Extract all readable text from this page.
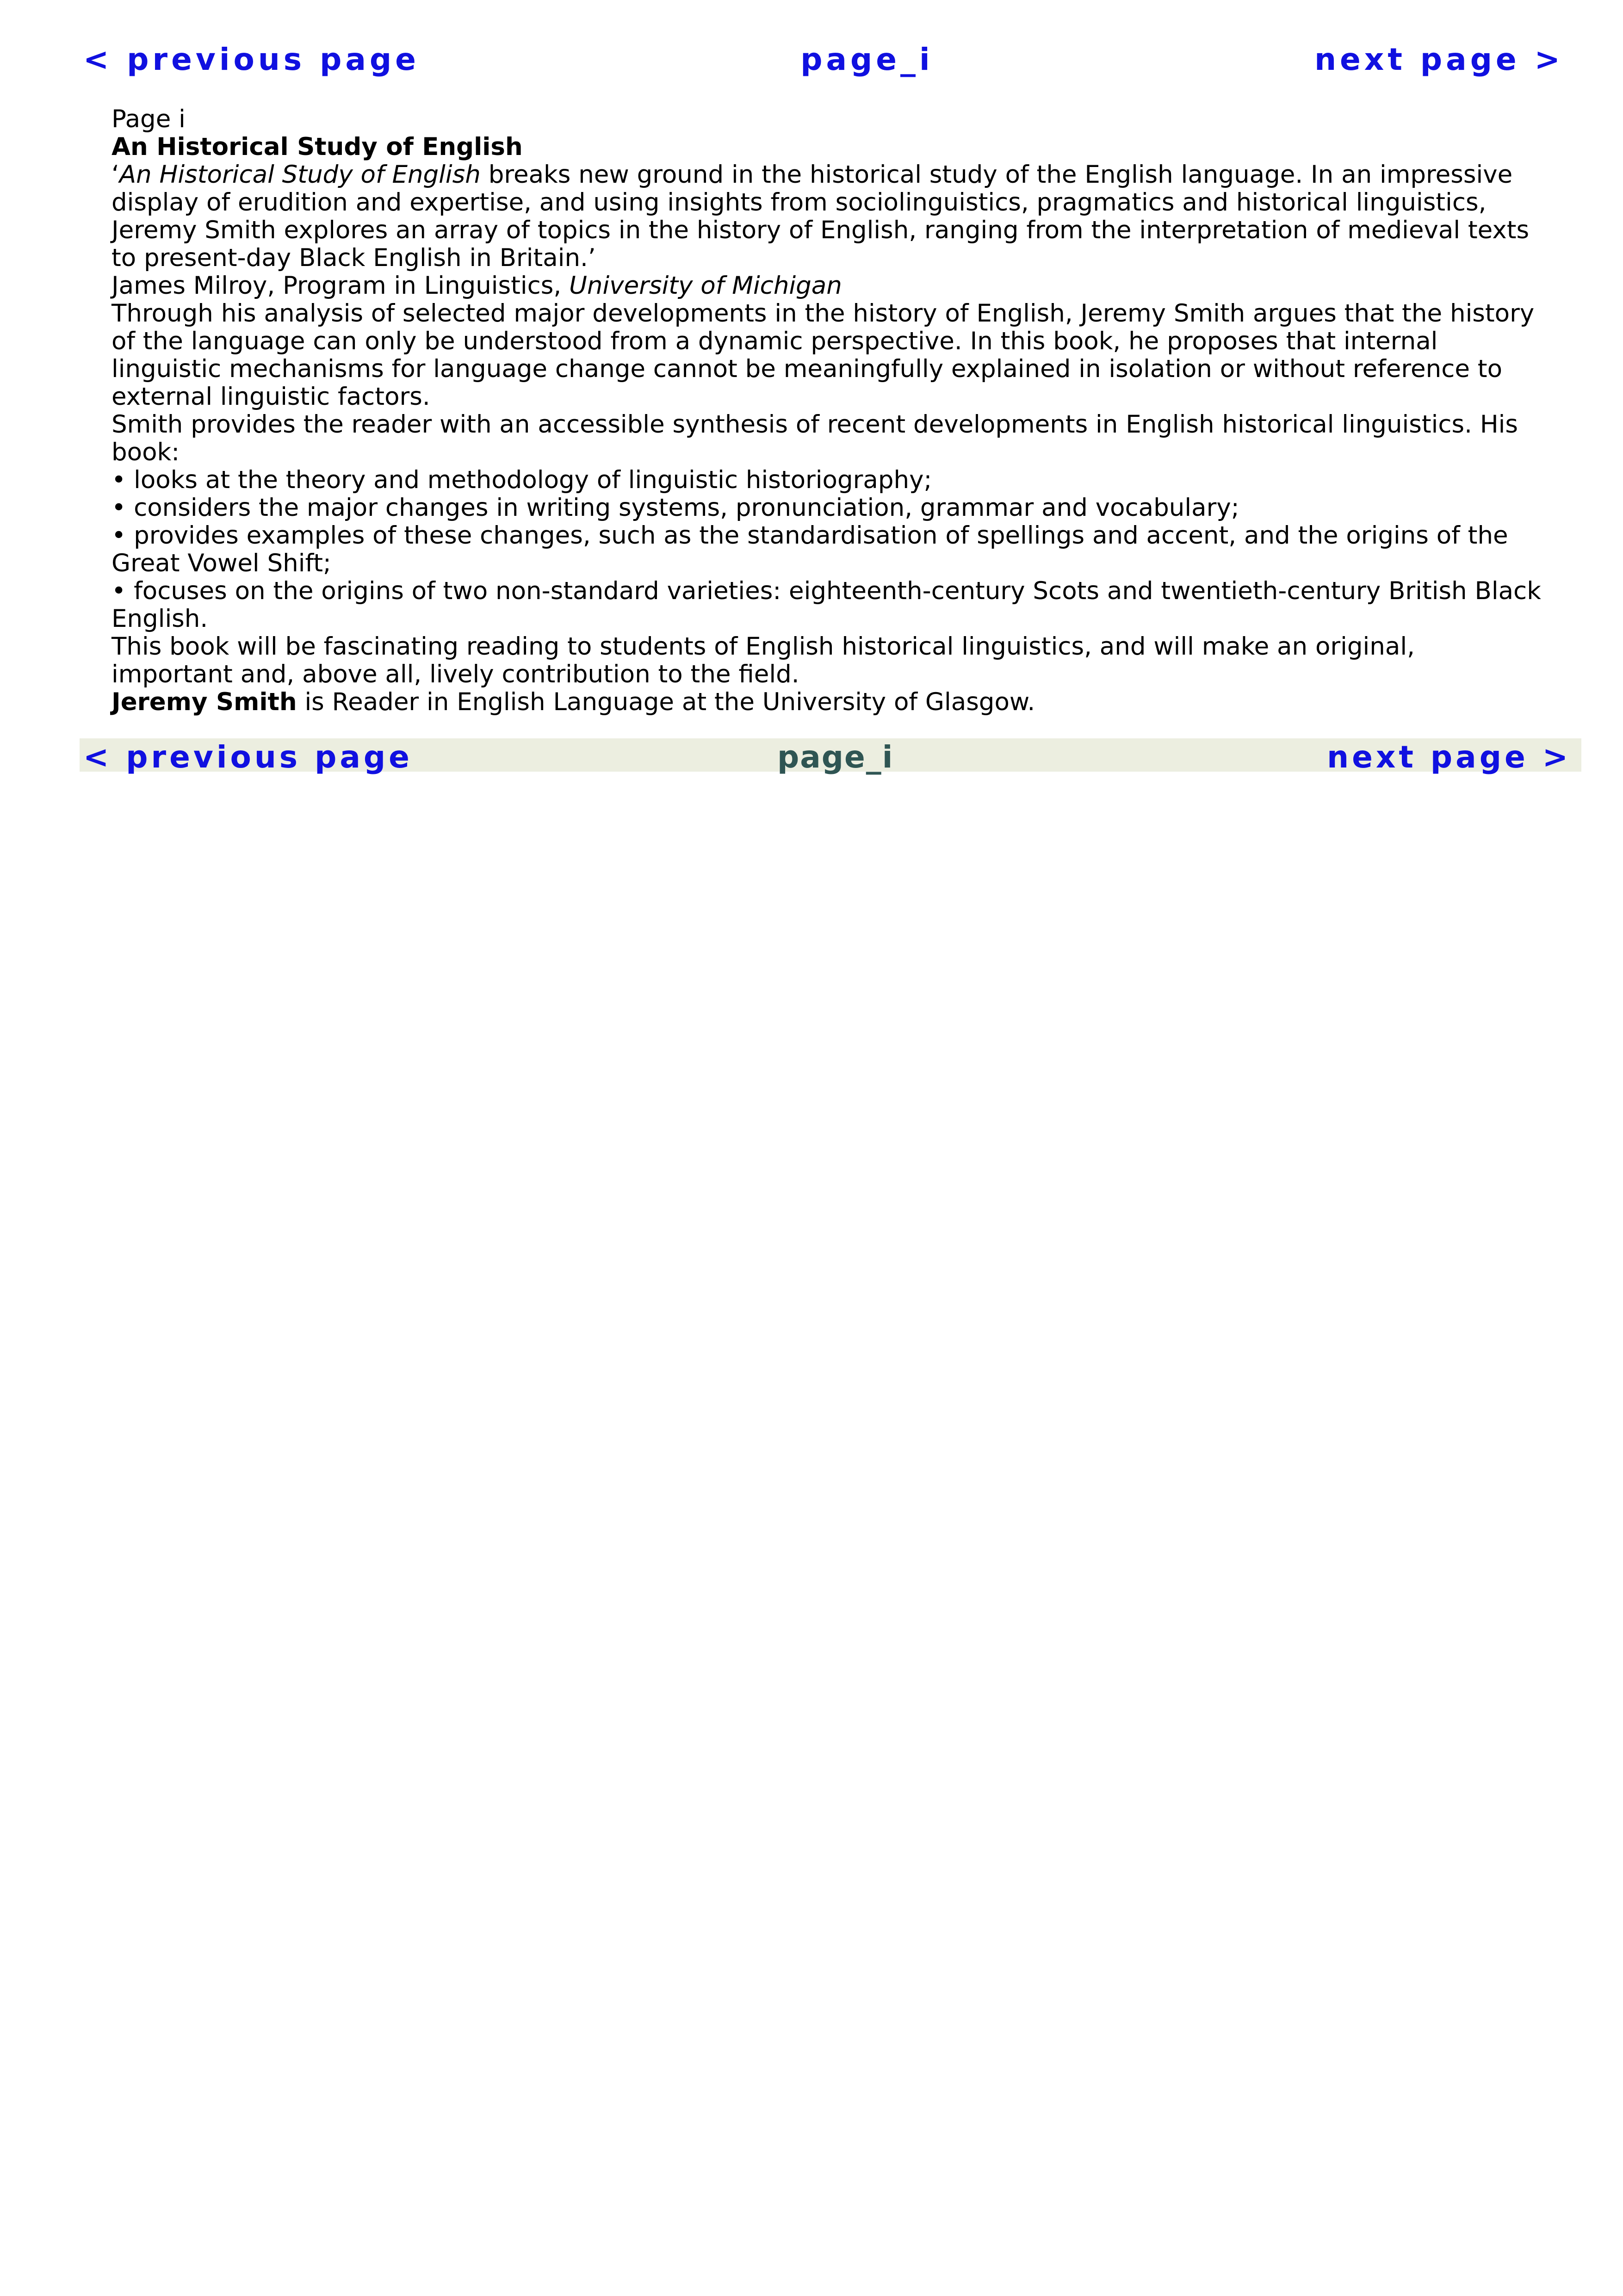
< previous page	page_i	next page >
Page i
An Historical Study of English

‘An Historical Study of English breaks new ground in the historical study of the English language. In an impressive display of erudition and expertise, and using insights from sociolinguistics, pragmatics and historical linguistics, Jeremy Smith explores an array of topics in the history of English, ranging from the interpretation of medieval texts to present-day Black English in Britain.’

James Milroy, Program in Linguistics, University of Michigan

Through his analysis of selected major developments in the history of English, Jeremy Smith argues that the history of the language can only be understood from a dynamic perspective. In this book, he proposes that internal linguistic mechanisms for language change cannot be meaningfully explained in isolation or without reference to external linguistic factors.

Smith provides the reader with an accessible synthesis of recent developments in English historical linguistics. His book:

• looks at the theory and methodology of linguistic historiography;
• considers the major changes in writing systems, pronunciation, grammar and vocabulary;
• provides examples of these changes, such as the standardisation of spellings and accent, and the origins of the Great Vowel Shift;
• focuses on the origins of two non-standard varieties: eighteenth-century Scots and twentieth-century British Black English.

This book will be fascinating reading to students of English historical linguistics, and will make an original, important and, above all, lively contribution to the field.

Jeremy Smith is Reader in English Language at the University of Glasgow.

< previous page	page_i	next page >
